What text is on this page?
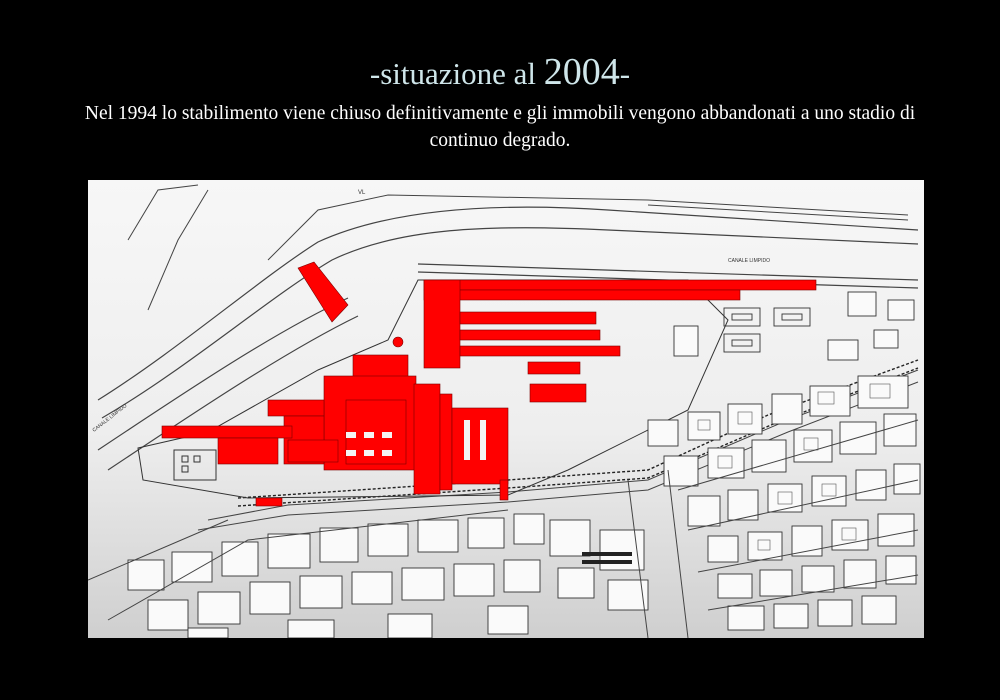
-situazione al 2004-
Nel 1994 lo stabilimento viene chiuso definitivamente e gli immobili vengono abbandonati a uno stadio di continuo degrado.
CANALE LIMPIDO
CANALE LIMPIDO
VL
